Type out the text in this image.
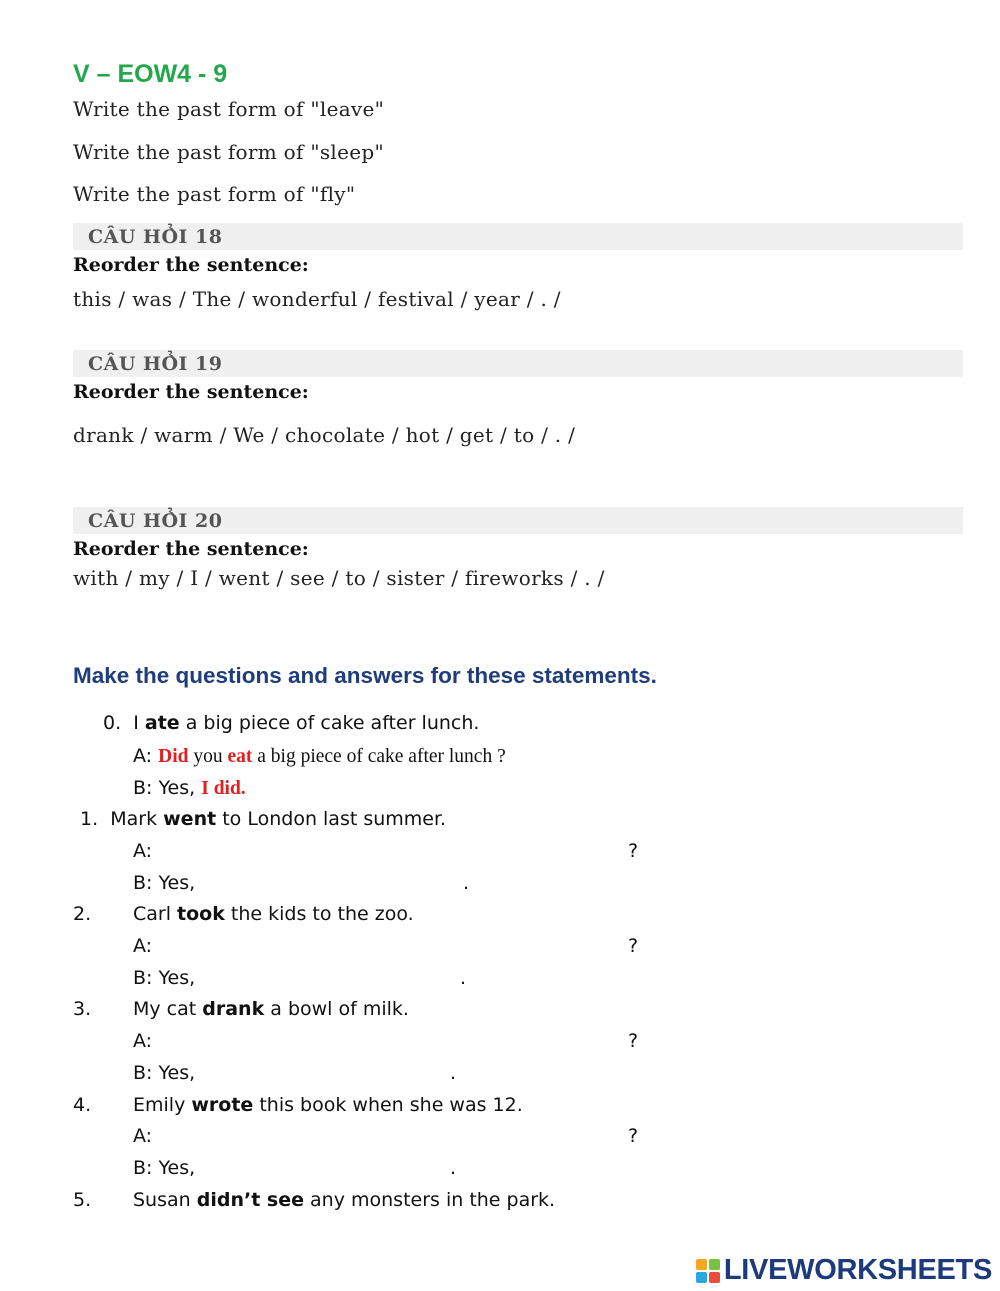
V – EOW4 - 9
Write the past form of "leave"
Write the past form of "sleep"
Write the past form of "fly"
CÂU HỎ̀I 18
Reorder the sentence:
this / was / The / wonderful / festival / year / . /
CÂU HỎ̀I 19
Reorder the sentence:
drank / warm / We / chocolate / hot / get / to / . /
CÂU HỎ̀I 20
Reorder the sentence:
with / my / I / went / see / to / sister / fireworks / . /
Make the questions and answers for these statements.
0. I ate a big piece of cake after lunch.
A: Did you eat a big piece of cake after lunch ?
B: Yes, I did.
1. Mark went to London last summer.
A:	?
B: Yes,	.
2. Carl took the kids to the zoo.
A:	?
B: Yes,	.
3. My cat drank a bowl of milk.
A:	?
B: Yes,	.
4. Emily wrote this book when she was 12.
A:	?
B: Yes,	.
5. Susan didn’t see any monsters in the park.
LIVEWORKSHEETS
